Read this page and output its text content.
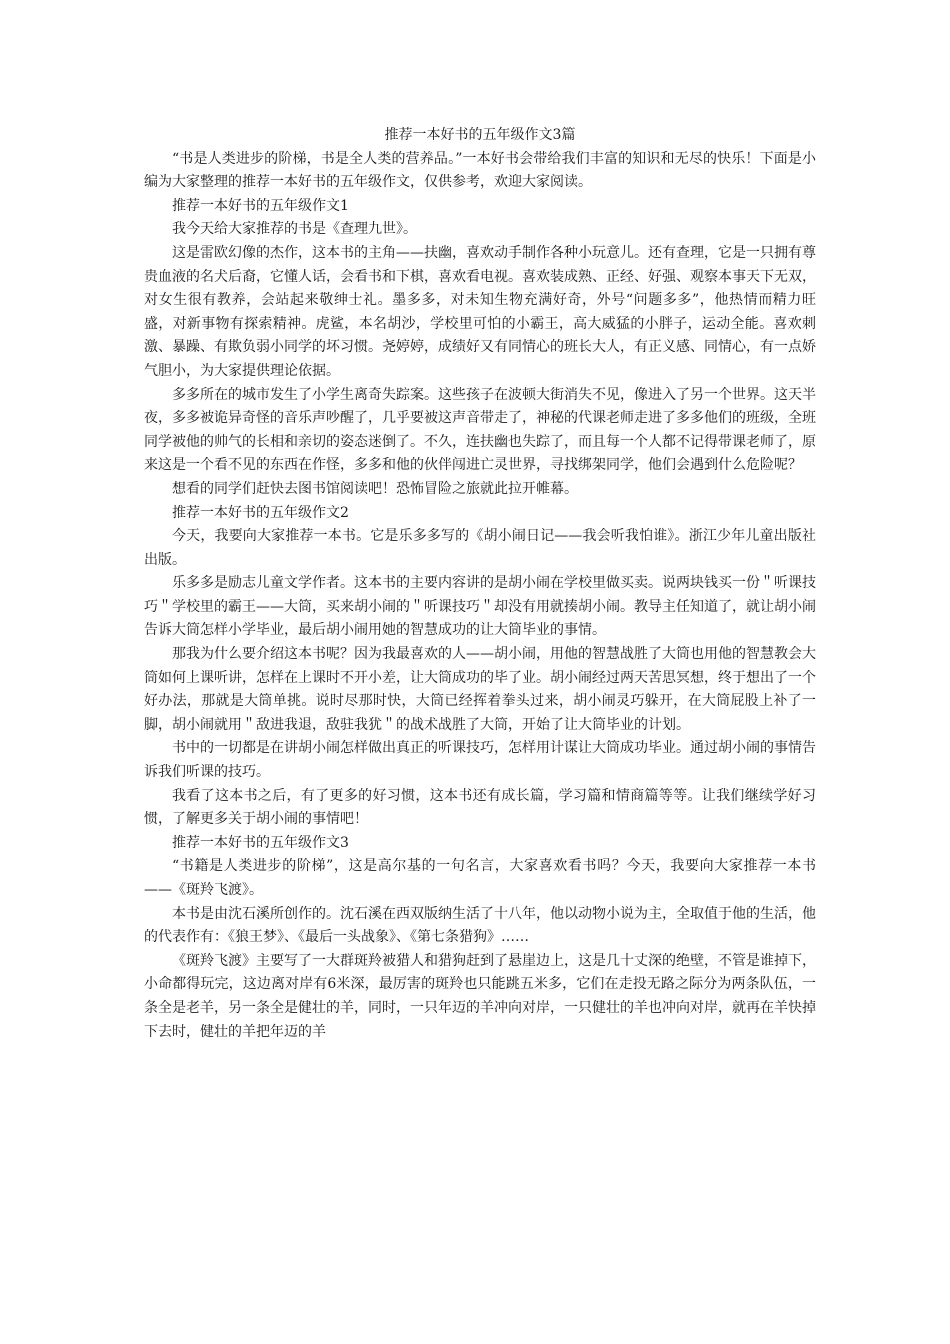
推荐一本好书的五年级作文3篇

“书是人类进步的阶梯，书是全人类的营养品。”一本好书会带给我们丰富的知识和无尽的快乐！下面是小编为大家整理的推荐一本好书的五年级作文，仅供参考，欢迎大家阅读。

推荐一本好书的五年级作文1

我今天给大家推荐的书是《查理九世》。

这是雷欧幻像的杰作，这本书的主角——扶幽，喜欢动手制作各种小玩意儿。还有查理，它是一只拥有尊贵血液的名犬后裔，它懂人话，会看书和下棋，喜欢看电视。喜欢装成熟、正经、好强、观察本事天下无双，对女生很有教养，会站起来敬绅士礼。墨多多，对未知生物充满好奇，外号“问题多多”，他热情而精力旺盛，对新事物有探索精神。虎鲨，本名胡沙，学校里可怕的小霸王，高大威猛的小胖子，运动全能。喜欢刺激、暴躁、有欺负弱小同学的坏习惯。尧婷婷，成绩好又有同情心的班长大人，有正义感、同情心，有一点娇气胆小，为大家提供理论依据。

多多所在的城市发生了小学生离奇失踪案。这些孩子在波顿大街消失不见，像进入了另一个世界。这天半夜，多多被诡异奇怪的音乐声吵醒了，几乎要被这声音带走了，神秘的代课老师走进了多多他们的班级，全班同学被他的帅气的长相和亲切的姿态迷倒了。不久，连扶幽也失踪了，而且每一个人都不记得带课老师了，原来这是一个看不见的东西在作怪，多多和他的伙伴闯进亡灵世界，寻找绑架同学，他们会遇到什么危险呢？

想看的同学们赶快去图书馆阅读吧！恐怖冒险之旅就此拉开帷幕。

推荐一本好书的五年级作文2

今天，我要向大家推荐一本书。它是乐多多写的《胡小闹日记——我会听我怕谁》。浙江少年儿童出版社出版。

乐多多是励志儿童文学作者。这本书的主要内容讲的是胡小闹在学校里做买卖。说两块钱买一份＂听课技巧＂学校里的霸王——大筒，买来胡小闹的＂听课技巧＂却没有用就揍胡小闹。教导主任知道了，就让胡小闹告诉大筒怎样小学毕业，最后胡小闹用她的智慧成功的让大筒毕业的事情。

那我为什么要介绍这本书呢？因为我最喜欢的人——胡小闹，用他的智慧战胜了大筒也用他的智慧教会大筒如何上课听讲，怎样在上课时不开小差，让大筒成功的毕了业。胡小闹经过两天苦思冥想，终于想出了一个好办法，那就是大筒单挑。说时尽那时快，大筒已经挥着拳头过来，胡小闹灵巧躲开，在大筒屁股上补了一脚，胡小闹就用＂敌进我退，敌驻我犹＂的战术战胜了大筒，开始了让大筒毕业的计划。

书中的一切都是在讲胡小闹怎样做出真正的听课技巧，怎样用计谋让大筒成功毕业。通过胡小闹的事情告诉我们听课的技巧。

我看了这本书之后，有了更多的好习惯，这本书还有成长篇，学习篇和情商篇等等。让我们继续学好习惯，了解更多关于胡小闹的事情吧！

推荐一本好书的五年级作文3

“书籍是人类进步的阶梯”，这是高尔基的一句名言，大家喜欢看书吗？今天，我要向大家推荐一本书——《斑羚飞渡》。

本书是由沈石溪所创作的。沈石溪在西双版纳生活了十八年，他以动物小说为主，全取值于他的生活，他的代表作有：《狼王梦》、《最后一头战象》、《第七条猎狗》……

《斑羚飞渡》主要写了一大群斑羚被猎人和猎狗赶到了悬崖边上，这是几十丈深的绝壁，不管是谁掉下，小命都得玩完，这边离对岸有6米深，最厉害的斑羚也只能跳五米多，它们在走投无路之际分为两条队伍，一条全是老羊，另一条全是健壮的羊，同时，一只年迈的羊冲向对岸，一只健壮的羊也冲向对岸，就再在羊快掉下去时，健壮的羊把年迈的羊
